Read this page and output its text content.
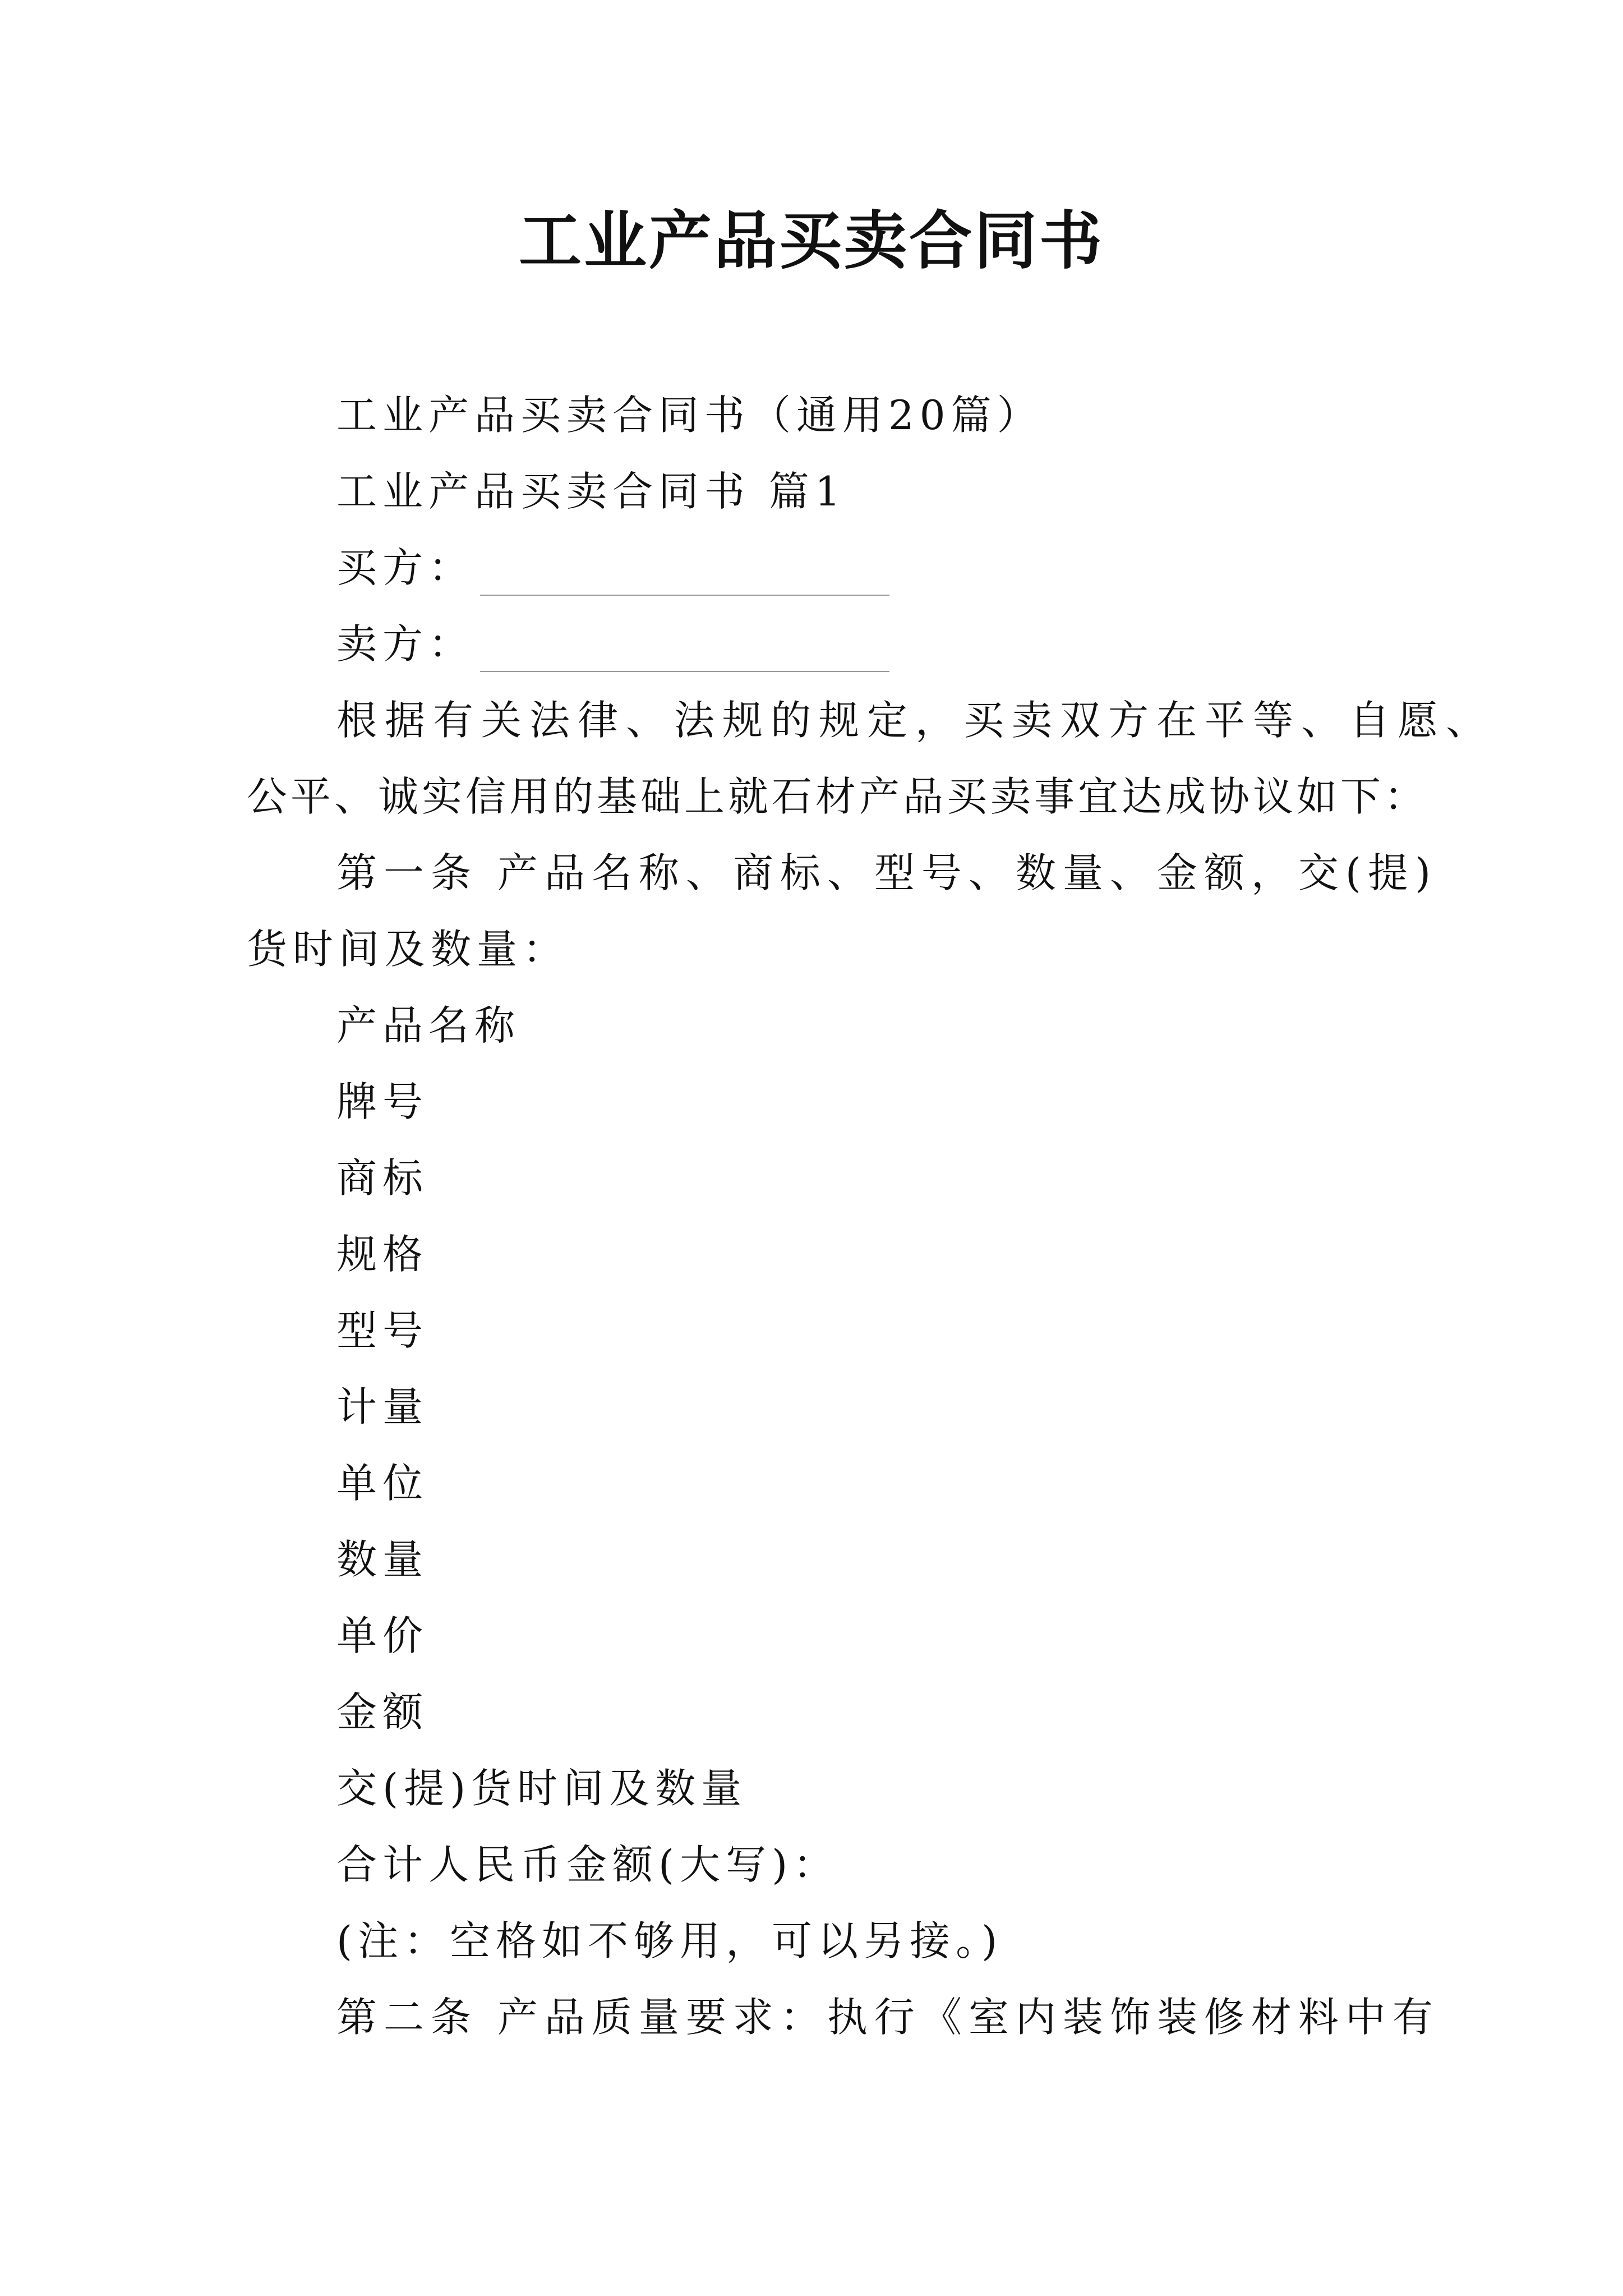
工业产品买卖合同书
工业产品买卖合同书（通用20篇）
工业产品买卖合同书 篇1
买方：
卖方：
根据有关法律、法规的规定，买卖双方在平等、自愿、
公平、诚实信用的基础上就石材产品买卖事宜达成协议如下：
第一条 产品名称、商标、型号、数量、金额，交(提)
货时间及数量：
产品名称
牌号
商标
规格
型号
计量
单位
数量
单价
金额
交(提)货时间及数量
合计人民币金额(大写)：
(注：空格如不够用，可以另接。)
第二条 产品质量要求：执行《室内装饰装修材料中有
